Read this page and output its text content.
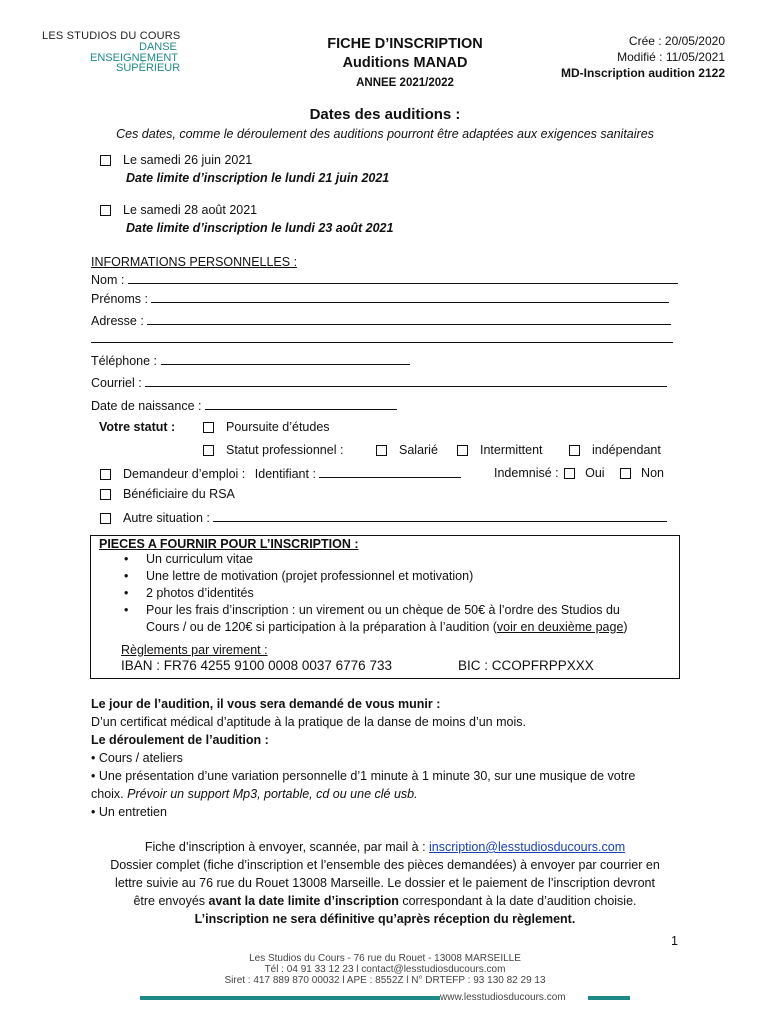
LES STUDIOS DU COURS
DANSE
ENSEIGNEMENT
SUPÉRIEUR
FICHE D’INSCRIPTION
Auditions MANAD
ANNEE 2021/2022
Crée : 20/05/2020
Modifié : 11/05/2021
MD-Inscription audition 2122
Dates des auditions :
Ces dates, comme le déroulement des auditions pourront être adaptées aux exigences sanitaires
Le samedi 26 juin 2021
Date limite d’inscription le lundi 21 juin 2021
Le samedi 28 août 2021
Date limite d’inscription le lundi 23 août 2021
INFORMATIONS PERSONNELLES :
Nom :
Prénoms :
Adresse :
Téléphone :
Courriel :
Date de naissance :
Votre statut :	Poursuite d’études
Statut professionnel :	Salarié	Intermittent	indépendant
Demandeur d’emploi : Identifiant :	Indemnisé : Oui	Non
Bénéficiaire du RSA
Autre situation :
PIECES A FOURNIR POUR L’INSCRIPTION :
• Un curriculum vitae
• Une lettre de motivation (projet professionnel et motivation)
• 2 photos d’identités
• Pour les frais d’inscription : un virement ou un chèque de 50€ à l’ordre des Studios du
Cours / ou de 120€ si participation à la préparation à l’audition (voir en deuxième page)
Règlements par virement :
IBAN : FR76 4255 9100 0008 0037 6776 733	BIC : CCOPFRPPXXX
Le jour de l’audition, il vous sera demandé de vous munir :
D’un certificat médical d’aptitude à la pratique de la danse de moins d’un mois.
Le déroulement de l’audition :
• Cours / ateliers
• Une présentation d’une variation personnelle d’1 minute à 1 minute 30, sur une musique de votre
choix. Prévoir un support Mp3, portable, cd ou une clé usb.
• Un entretien
Fiche d’inscription à envoyer, scannée, par mail à : inscription@lesstudiosducours.com
Dossier complet (fiche d’inscription et l’ensemble des pièces demandées) à envoyer par courrier en
lettre suivie au 76 rue du Rouet 13008 Marseille. Le dossier et le paiement de l’inscription devront
être envoyés avant la date limite d’inscription correspondant à la date d’audition choisie.
L’inscription ne sera définitive qu’après réception du règlement.
1
Les Studios du Cours - 76 rue du Rouet - 13008 MARSEILLE
Tél : 04 91 33 12 23 l contact@lesstudiosducours.com
Siret : 417 889 870 00032 l APE : 8552Z l N° DRTEFP : 93 130 82 29 13
www.lesstudiosducours.com
